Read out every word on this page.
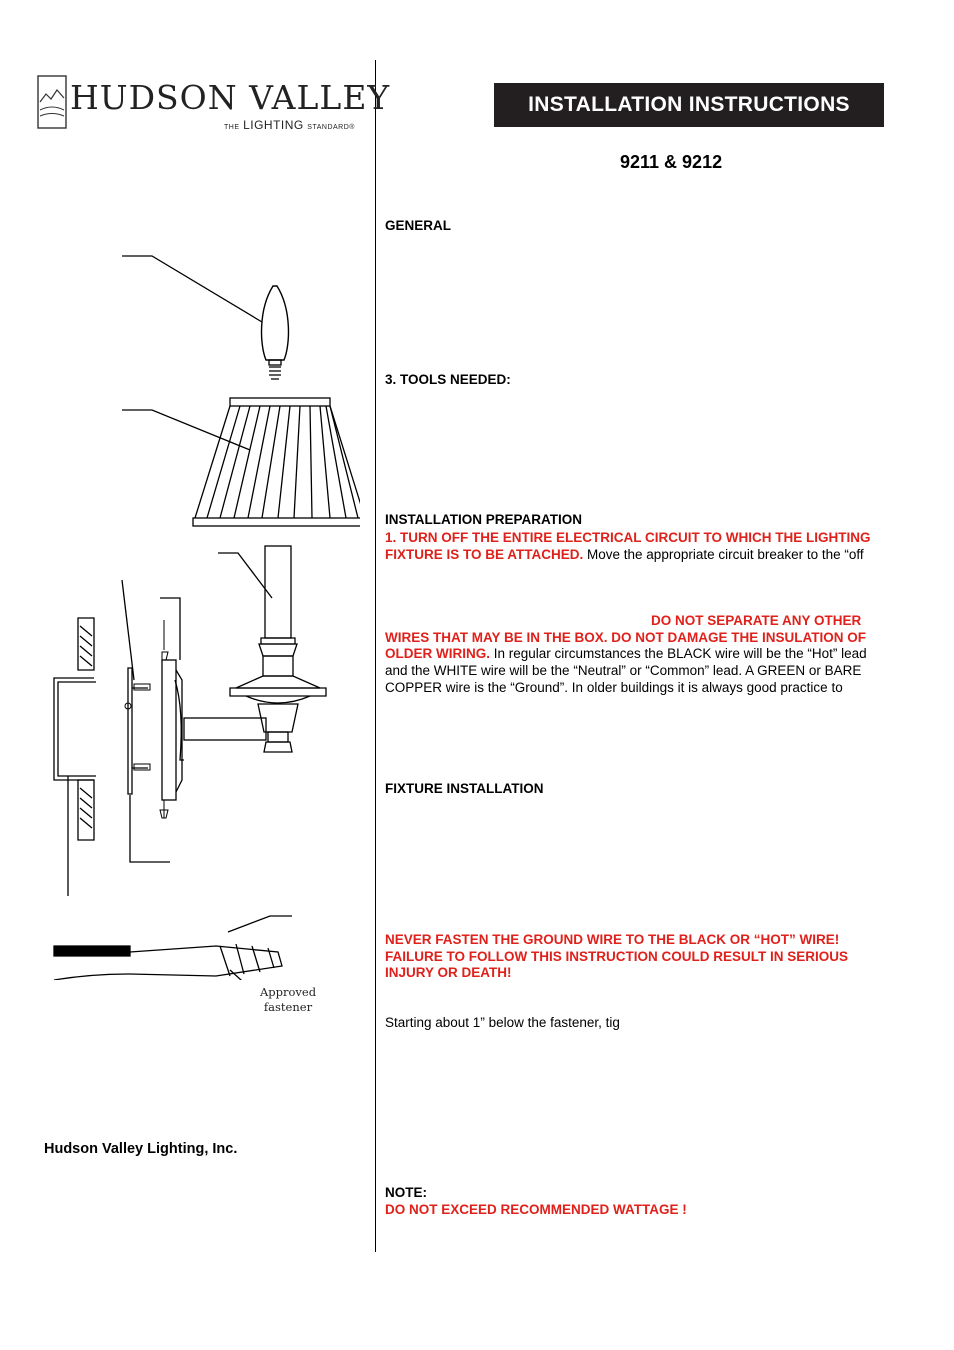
HUDSON VALLEY
THE LIGHTING STANDARD®
INSTALLATION INSTRUCTIONS
9211 & 9212
GENERAL
3. TOOLS NEEDED:
INSTALLATION PREPARATION
1. TURN OFF THE ENTIRE ELECTRICAL CIRCUIT TO WHICH THE LIGHTING
FIXTURE IS TO BE ATTACHED. Move the appropriate circuit breaker to the “off
DO NOT SEPARATE ANY OTHER
WIRES THAT MAY BE IN THE BOX. DO NOT DAMAGE THE INSULATION OF
OLDER WIRING. In regular circumstances the BLACK wire will be the “Hot” lead
and the WHITE wire will be the “Neutral” or “Common” lead. A GREEN or BARE
COPPER wire is the “Ground”. In older buildings it is always good practice to
FIXTURE INSTALLATION
NEVER FASTEN THE GROUND WIRE TO THE BLACK OR “HOT” WIRE!
FAILURE TO FOLLOW THIS INSTRUCTION COULD RESULT IN SERIOUS
INJURY OR DEATH!
Starting about 1” below the fastener, tig
NOTE:
DO NOT EXCEED RECOMMENDED WATTAGE !
Approved
fastener
Hudson Valley Lighting, Inc.
